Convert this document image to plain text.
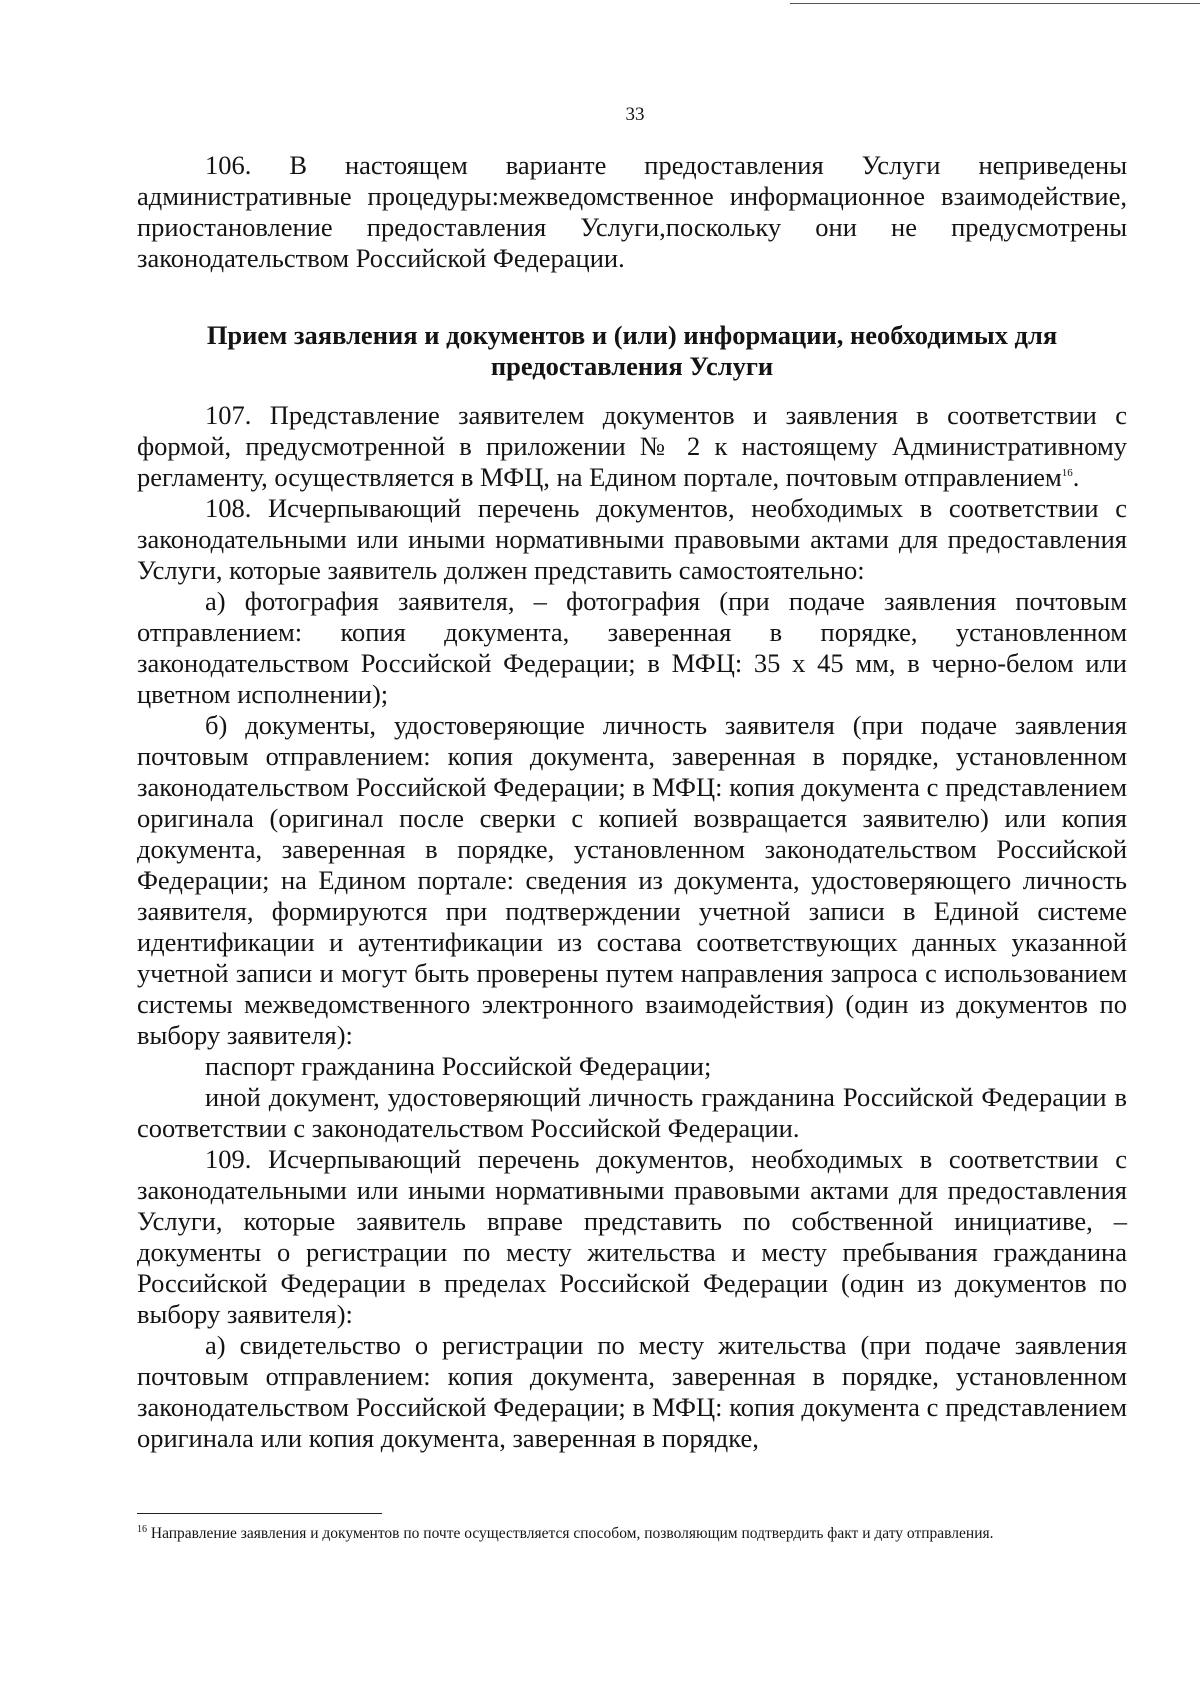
33

106. В настоящем варианте предоставления Услуги неприведены административные процедуры:межведомственное информационное взаимодействие, приостановление предоставления Услуги,поскольку они не предусмотрены законодательством Российской Федерации.

Прием заявления и документов и (или) информации, необходимых для предоставления Услуги

107. Представление заявителем документов и заявления в соответствии с формой, предусмотренной в приложении № 2 к настоящему Административному регламенту, осуществляется в МФЦ, на Едином портале, почтовым отправлением$^{16}$.

108. Исчерпывающий перечень документов, необходимых в соответствии с законодательными или иными нормативными правовыми актами для предоставления Услуги, которые заявитель должен представить самостоятельно:

а) фотография заявителя, – фотография (при подаче заявления почтовым отправлением: копия документа, заверенная в порядке, установленном законодательством Российской Федерации; в МФЦ: 35 х 45 мм, в черно-белом или цветном исполнении);

б) документы, удостоверяющие личность заявителя (при подаче заявления почтовым отправлением: копия документа, заверенная в порядке, установленном законодательством Российской Федерации; в МФЦ: копия документа с представлением оригинала (оригинал после сверки с копией возвращается заявителю) или копия документа, заверенная в порядке, установленном законодательством Российской Федерации; на Едином портале: сведения из документа, удостоверяющего личность заявителя, формируются при подтверждении учетной записи в Единой системе идентификации и аутентификации из состава соответствующих данных указанной учетной записи и могут быть проверены путем направления запроса с использованием системы межведомственного электронного взаимодействия) (один из документов по выбору заявителя):

паспорт гражданина Российской Федерации;

иной документ, удостоверяющий личность гражданина Российской Федерации в соответствии с законодательством Российской Федерации.

109. Исчерпывающий перечень документов, необходимых в соответствии с законодательными или иными нормативными правовыми актами для предоставления Услуги, которые заявитель вправе представить по собственной инициативе, – документы о регистрации по месту жительства и месту пребывания гражданина Российской Федерации в пределах Российской Федерации (один из документов по выбору заявителя):

а) свидетельство о регистрации по месту жительства (при подаче заявления почтовым отправлением: копия документа, заверенная в порядке, установленном законодательством Российской Федерации; в МФЦ: копия документа с представлением оригинала или копия документа, заверенная в порядке,

$^{16}$ Направление заявления и документов по почте осуществляется способом, позволяющим подтвердить факт и дату отправления.
